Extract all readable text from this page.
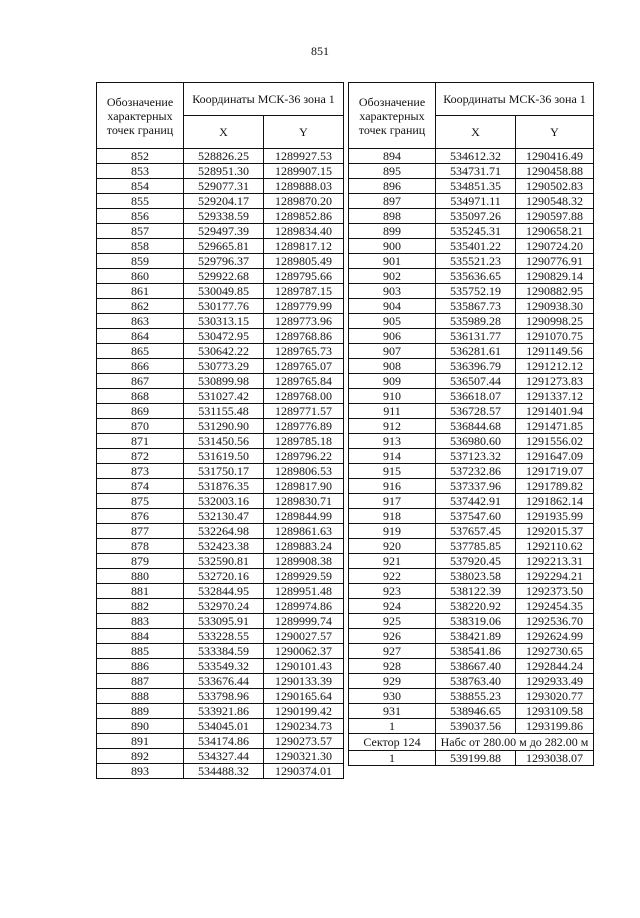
851
Обозначение характерных точек границ	Координаты МСК-36 зона 1	
	X	Y
852	528826.25	1289927.53
853	528951.30	1289907.15
854	529077.31	1289888.03
855	529204.17	1289870.20
856	529338.59	1289852.86
857	529497.39	1289834.40
858	529665.81	1289817.12
859	529796.37	1289805.49
860	529922.68	1289795.66
861	530049.85	1289787.15
862	530177.76	1289779.99
863	530313.15	1289773.96
864	530472.95	1289768.86
865	530642.22	1289765.73
866	530773.29	1289765.07
867	530899.98	1289765.84
868	531027.42	1289768.00
869	531155.48	1289771.57
870	531290.90	1289776.89
871	531450.56	1289785.18
872	531619.50	1289796.22
873	531750.17	1289806.53
874	531876.35	1289817.90
875	532003.16	1289830.71
876	532130.47	1289844.99
877	532264.98	1289861.63
878	532423.38	1289883.24
879	532590.81	1289908.38
880	532720.16	1289929.59
881	532844.95	1289951.48
882	532970.24	1289974.86
883	533095.91	1289999.74
884	533228.55	1290027.57
885	533384.59	1290062.37
886	533549.32	1290101.43
887	533676.44	1290133.39
888	533798.96	1290165.64
889	533921.86	1290199.42
890	534045.01	1290234.73
891	534174.86	1290273.57
892	534327.44	1290321.30
893	534488.32	1290374.01
Обозначение характерных точек границ	Координаты МСК-36 зона 1	
	X	Y
894	534612.32	1290416.49
895	534731.71	1290458.88
896	534851.35	1290502.83
897	534971.11	1290548.32
898	535097.26	1290597.88
899	535245.31	1290658.21
900	535401.22	1290724.20
901	535521.23	1290776.91
902	535636.65	1290829.14
903	535752.19	1290882.95
904	535867.73	1290938.30
905	535989.28	1290998.25
906	536131.77	1291070.75
907	536281.61	1291149.56
908	536396.79	1291212.12
909	536507.44	1291273.83
910	536618.07	1291337.12
911	536728.57	1291401.94
912	536844.68	1291471.85
913	536980.60	1291556.02
914	537123.32	1291647.09
915	537232.86	1291719.07
916	537337.96	1291789.82
917	537442.91	1291862.14
918	537547.60	1291935.99
919	537657.45	1292015.37
920	537785.85	1292110.62
921	537920.45	1292213.31
922	538023.58	1292294.21
923	538122.39	1292373.50
924	538220.92	1292454.35
925	538319.06	1292536.70
926	538421.89	1292624.99
927	538541.86	1292730.65
928	538667.40	1292844.24
929	538763.40	1292933.49
930	538855.23	1293020.77
931	538946.65	1293109.58
1	539037.56	1293199.86
Сектор 124	Набс от 280.00 м до 282.00 м	

1	539199.88	1293038.07
